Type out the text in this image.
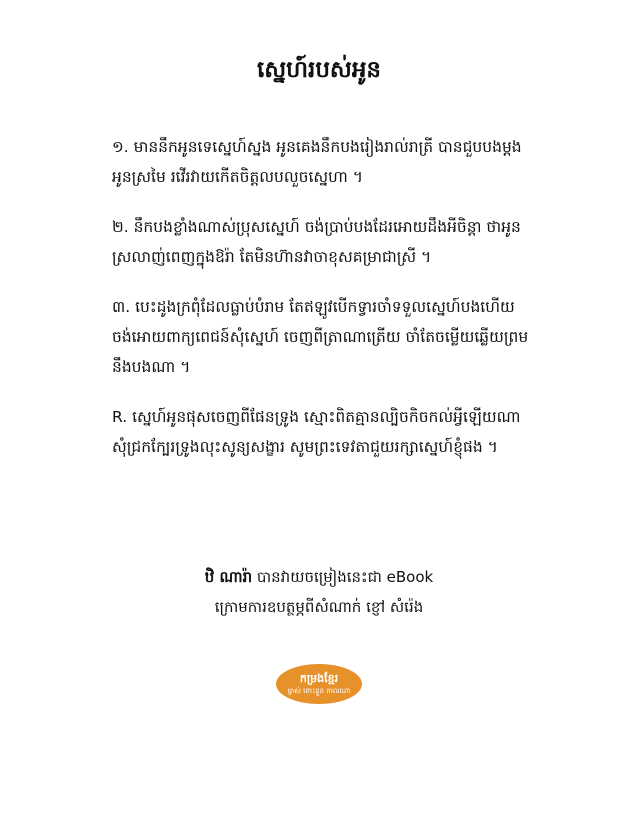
ស្នេហ៍របស់អូន
១. មាននឹកអូនទេស្នេហ៍ស្នង អូនគេងនឹកបងរៀងរាល់រាត្រី បានជួបបងម្ដង
អូនស្រមៃ រវើរវាយកើតចិត្តលបលួចស្នេហា ។
២. នឹកបងខ្លាំងណាស់ប្រុសស្នេហ៍ ចង់ប្រាប់បងដែរអោយដឹងអីចិន្ដា ថាអូន
ស្រលាញ់ពេញក្នុងឱរ៉ា តែមិនហ៊ានវាចាខុសគម្រាជាស្រី ។
៣. បេះដូងក្រពុំដែលធ្លាប់បំរាម តែឥឡូវបើកទ្វារចាំទទួលស្នេហ៍បងហើយ
ចង់អោយពាក្យពេជន៍សុំស្នេហ៍ ចេញពីត្រាណាត្រើយ ចាំតែចម្លើយឆ្លើយព្រម
នឹងបងណា ។
R. ស្នេហ៍អូនផុសចេញពីផែនទ្រូង ស្មោះពិតគ្មានល្បិចកិចកល់អ្វីឡើយណា
សុំជ្រកក្បែរទ្រូងលុះសូន្យសង្ខារ សូមព្រះទេវតាជួយរក្សាស្នេហ៍ខ្ញុំផង ។
ឋិ ណារ៉ា បានវាយចម្រៀងនេះជា eBook
ក្រោមការឧបត្ថម្ភពីសំណាក់ ខ្ញៅ សំរ៉េង
កម្រងខ្មែរ
ម្ចាស់ ពោះខ្លួន កាលណា
